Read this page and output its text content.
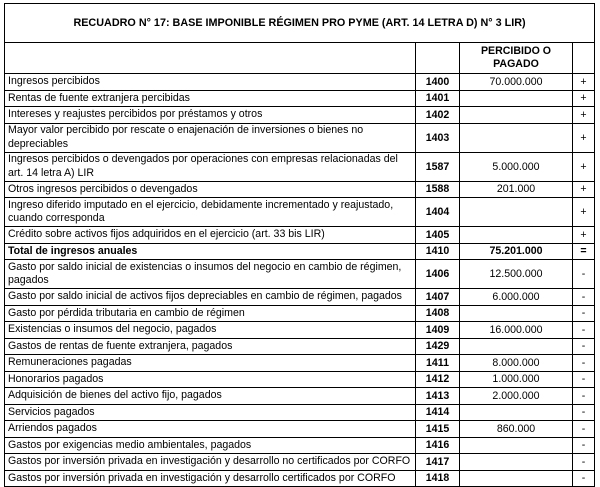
RECUADRO N° 17: BASE IMPONIBLE RÉGIMEN PRO PYME (ART. 14 LETRA D) N° 3 LIR)			
		PERCIBIDO O PAGADO	
Ingresos percibidos	1400	70.000.000	+
Rentas de fuente extranjera percibidas	1401		+
Intereses y reajustes percibidos por préstamos y otros	1402		+
Mayor valor percibido por rescate o enajenación de inversiones o bienes no depreciables	1403		+
Ingresos percibidos o devengados por operaciones con empresas relacionadas del art. 14 letra A) LIR	1587	5.000.000	+
Otros ingresos percibidos o devengados	1588	201.000	+
Ingreso diferido imputado en el ejercicio, debidamente incrementado y reajustado, cuando corresponda	1404		+
Crédito sobre activos fijos adquiridos en el ejercicio (art. 33 bis LIR)	1405		+
Total de ingresos anuales	1410	75.201.000	=
Gasto por saldo inicial de existencias o insumos del negocio en cambio de régimen, pagados	1406	12.500.000	-
Gasto por saldo inicial de activos fijos depreciables en cambio de régimen, pagados	1407	6.000.000	-
Gasto por pérdida tributaria en cambio de régimen	1408		-
Existencias o insumos del negocio, pagados	1409	16.000.000	-
Gastos de rentas de fuente extranjera, pagados	1429		-
Remuneraciones pagadas	1411	8.000.000	-
Honorarios pagados	1412	1.000.000	-
Adquisición de bienes del activo fijo, pagados	1413	2.000.000	-
Servicios pagados	1414		-
Arriendos pagados	1415	860.000	-
Gastos por exigencias medio ambientales, pagados	1416		-
Gastos por inversión privada en investigación y desarrollo no certificados por CORFO	1417		-
Gastos por inversión privada en investigación y desarrollo certificados por CORFO	1418		-
